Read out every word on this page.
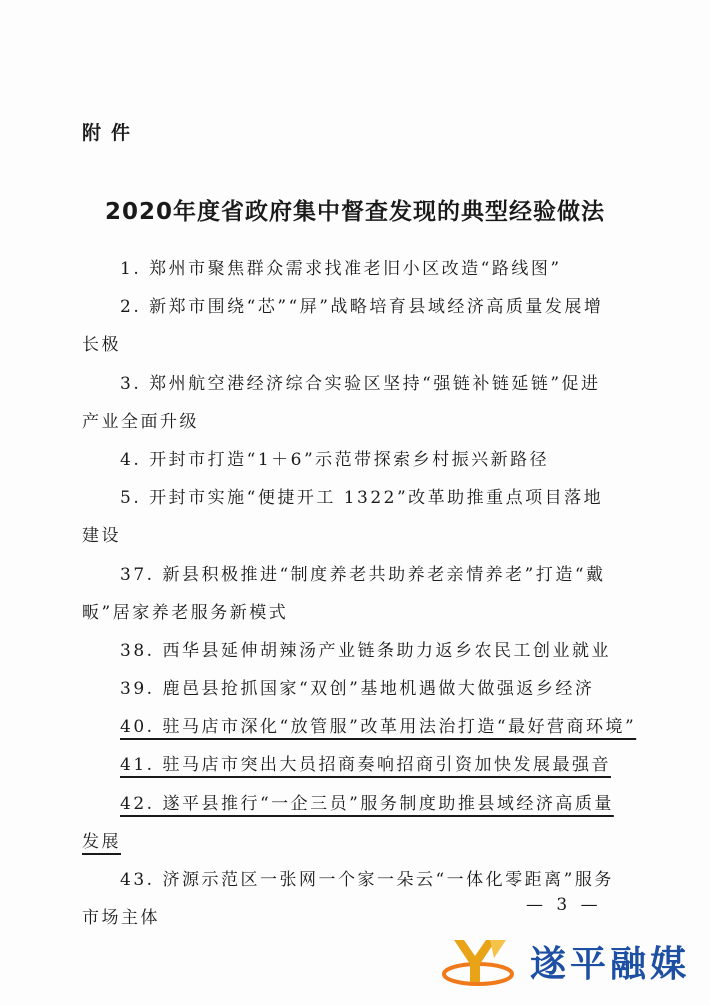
附件
2020年度省政府集中督查发现的典型经验做法
1. 郑州市聚焦群众需求找准老旧小区改造“路线图”
2. 新郑市围绕“芯”“屏”战略培育县域经济高质量发展增
长极
3. 郑州航空港经济综合实验区坚持“强链补链延链”促进
产业全面升级
4. 开封市打造“1＋6”示范带探索乡村振兴新路径
5. 开封市实施“便捷开工 1322”改革助推重点项目落地
建设
37. 新县积极推进“制度养老共助养老亲情养老”打造“戴
畈”居家养老服务新模式
38. 西华县延伸胡辣汤产业链条助力返乡农民工创业就业
39. 鹿邑县抢抓国家“双创”基地机遇做大做强返乡经济
40. 驻马店市深化“放管服”改革用法治打造“最好营商环境”
41. 驻马店市突出大员招商奏响招商引资加快发展最强音
42. 遂平县推行“一企三员”服务制度助推县域经济高质量
发展
43. 济源示范区一张网一个家一朵云“一体化零距离”服务
市场主体
— 3 —
遂平融媒
